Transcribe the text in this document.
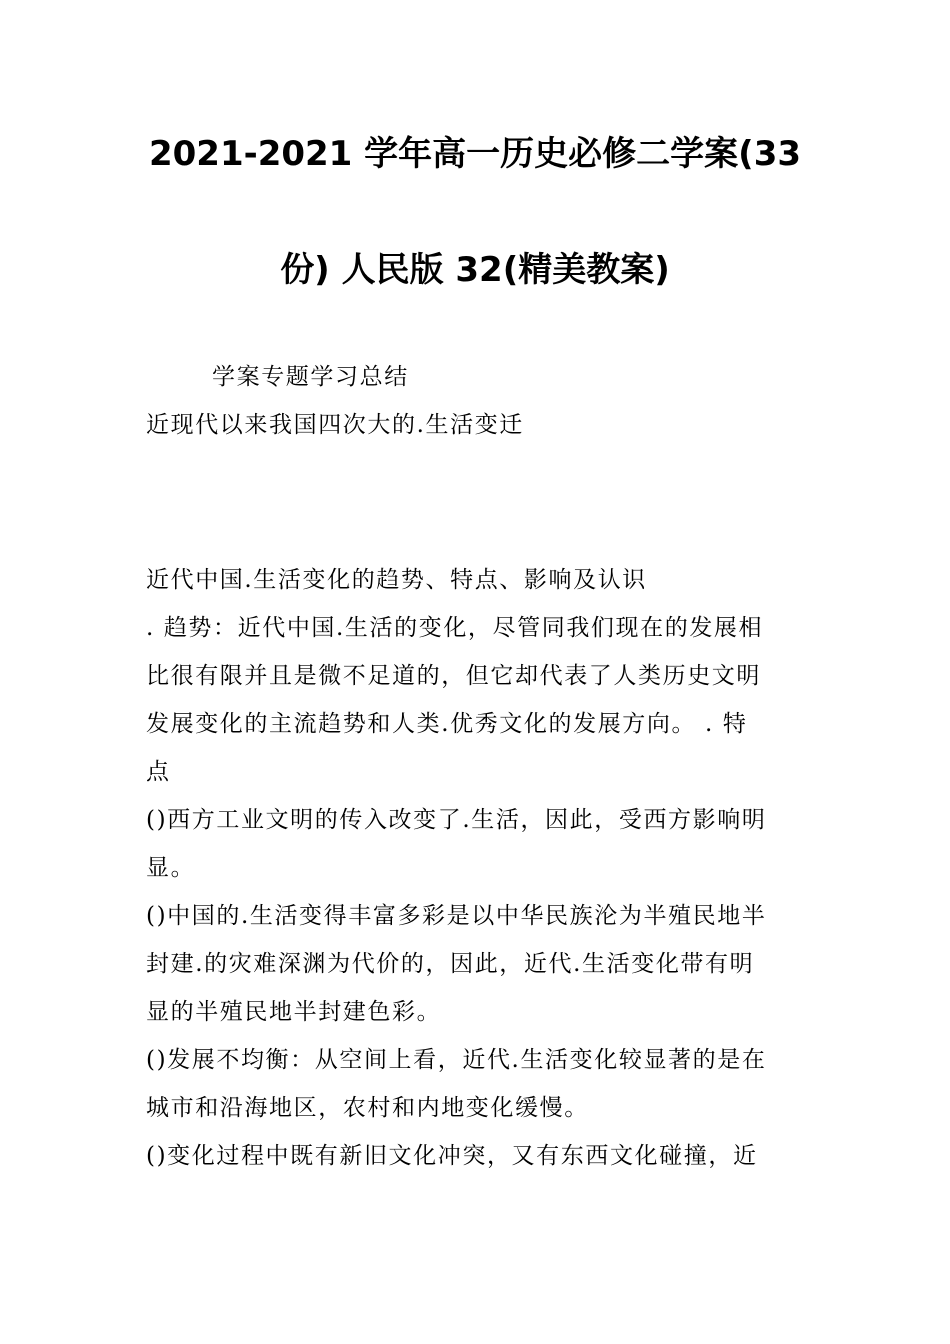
2021-2021 学年高一历史必修二学案(33
份) 人民版 32(精美教案)
学案专题学习总结
近现代以来我国四次大的.生活变迁
近代中国.生活变化的趋势、特点、影响及认识
. 趋势：近代中国.生活的变化，尽管同我们现在的发展相
比很有限并且是微不足道的，但它却代表了人类历史文明
发展变化的主流趋势和人类.优秀文化的发展方向。 . 特
点
()西方工业文明的传入改变了.生活，因此，受西方影响明
显。
()中国的.生活变得丰富多彩是以中华民族沦为半殖民地半
封建.的灾难深渊为代价的，因此，近代.生活变化带有明
显的半殖民地半封建色彩。
()发展不均衡：从空间上看，近代.生活变化较显著的是在
城市和沿海地区，农村和内地变化缓慢。
()变化过程中既有新旧文化冲突，又有东西文化碰撞，近
